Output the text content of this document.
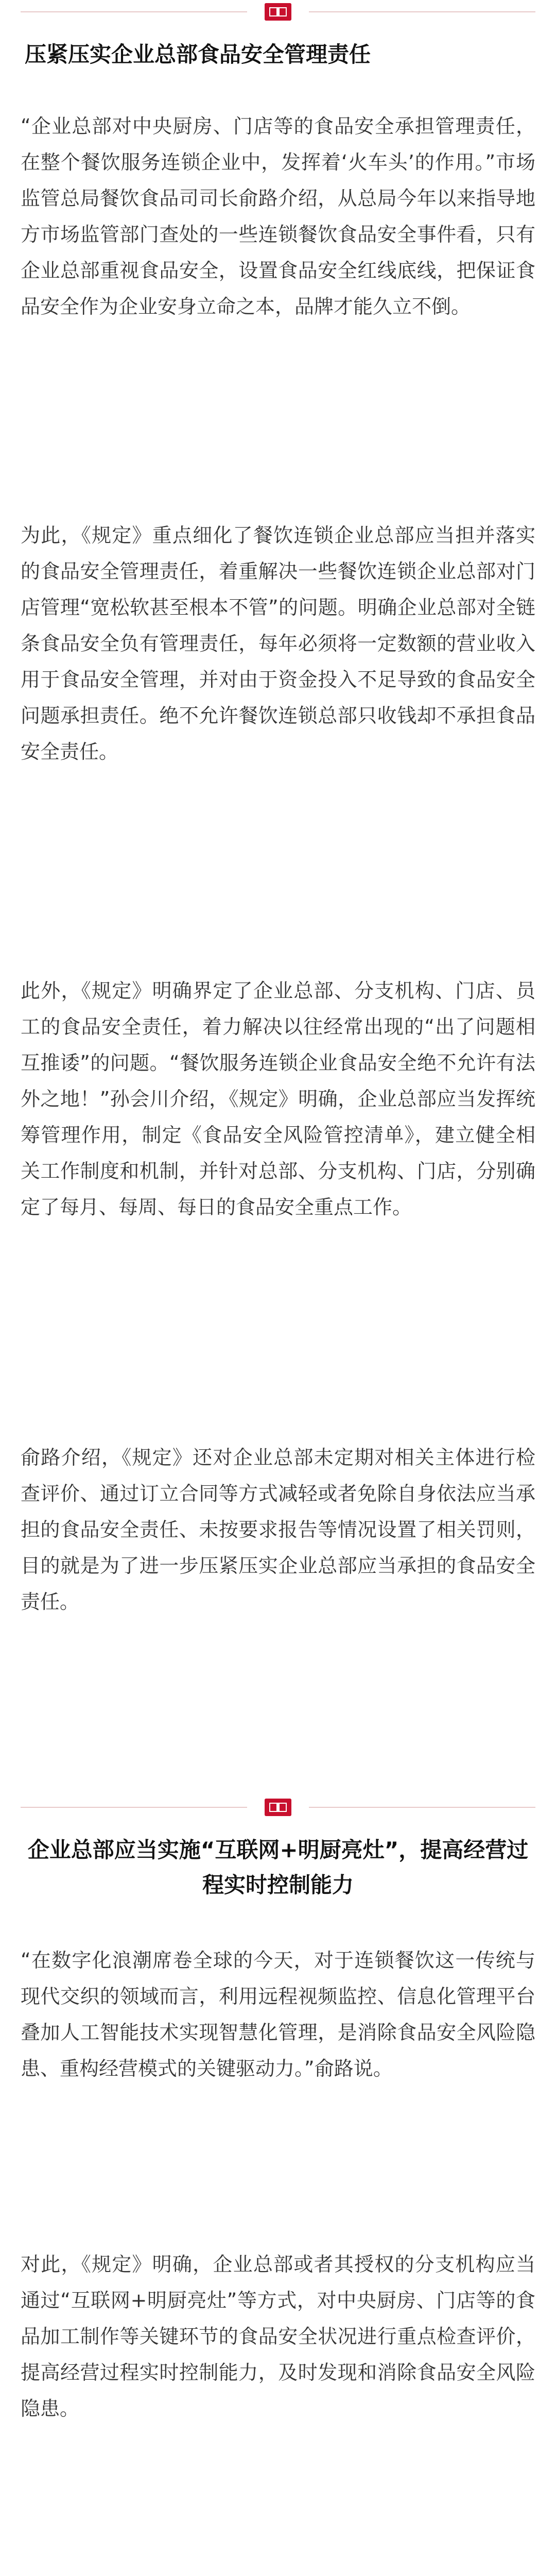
压紧压实企业总部食品安全管理责任

“企业总部对中央厨房、门店等的食品安全承担管理责任，在整个餐饮服务连锁企业中，发挥着‘火车头’的作用。”市场监管总局餐饮食品司司长俞路介绍，从总局今年以来指导地方市场监管部门查处的一些连锁餐饮食品安全事件看，只有企业总部重视食品安全，设置食品安全红线底线，把保证食品安全作为企业安身立命之本，品牌才能久立不倒。

为此，《规定》重点细化了餐饮连锁企业总部应当担并落实的食品安全管理责任，着重解决一些餐饮连锁企业总部对门店管理“宽松软甚至根本不管”的问题。明确企业总部对全链条食品安全负有管理责任，每年必须将一定数额的营业收入用于食品安全管理，并对由于资金投入不足导致的食品安全问题承担责任。绝不允许餐饮连锁总部只收钱却不承担食品安全责任。

此外，《规定》明确界定了企业总部、分支机构、门店、员工的食品安全责任，着力解决以往经常出现的“出了问题相互推诿”的问题。“餐饮服务连锁企业食品安全绝不允许有法外之地！”孙会川介绍，《规定》明确，企业总部应当发挥统筹管理作用，制定《食品安全风险管控清单》，建立健全相关工作制度和机制，并针对总部、分支机构、门店，分别确定了每月、每周、每日的食品安全重点工作。

俞路介绍，《规定》还对企业总部未定期对相关主体进行检查评价、通过订立合同等方式减轻或者免除自身依法应当承担的食品安全责任、未按要求报告等情况设置了相关罚则，目的就是为了进一步压紧压实企业总部应当承担的食品安全责任。

企业总部应当实施“互联网+明厨亮灶”，提高经营过程实时控制能力

“在数字化浪潮席卷全球的今天，对于连锁餐饮这一传统与现代交织的领域而言，利用远程视频监控、信息化管理平台叠加人工智能技术实现智慧化管理，是消除食品安全风险隐患、重构经营模式的关键驱动力。”俞路说。

对此，《规定》明确，企业总部或者其授权的分支机构应当通过“互联网+明厨亮灶”等方式，对中央厨房、门店等的食品加工制作等关键环节的食品安全状况进行重点检查评价，提高经营过程实时控制能力，及时发现和消除食品安全风险隐患。
